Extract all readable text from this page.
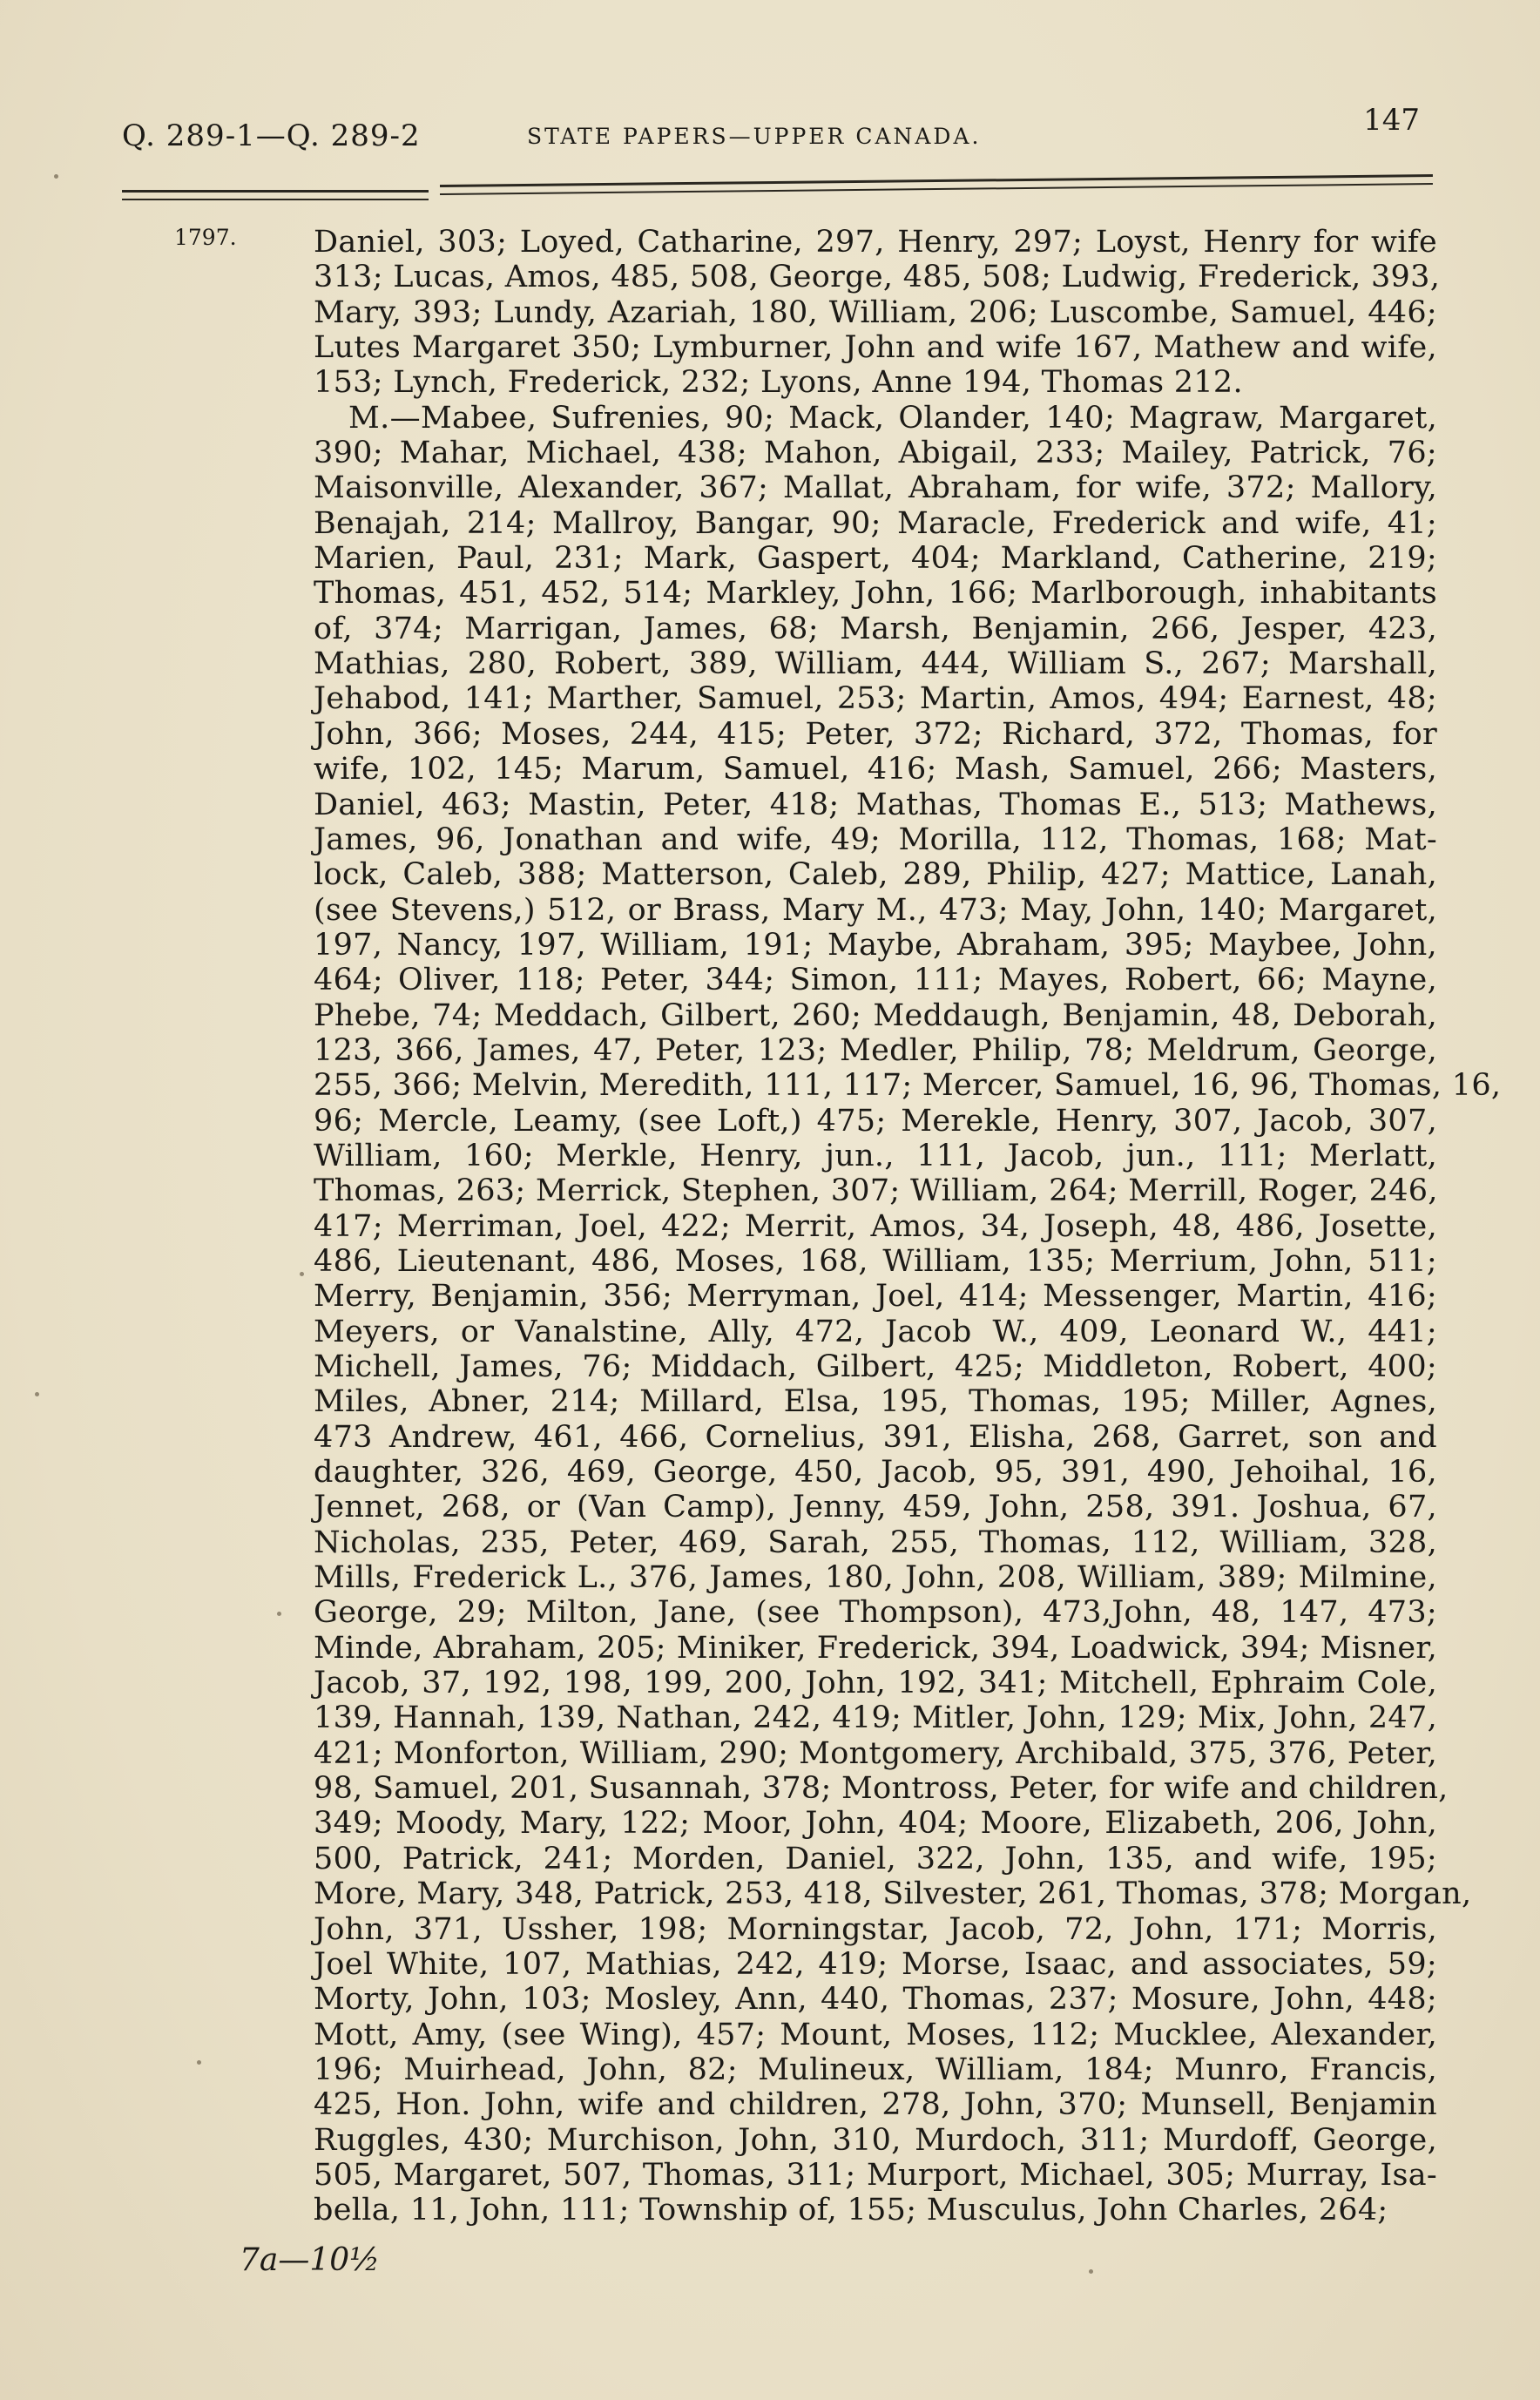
Q. 289-1—Q. 289-2	STATE PAPERS—UPPER CANADA.	147
1797.	Daniel, 303; Loyed, Catharine, 297, Henry, 297; Loyst, Henry for wife
313; Lucas, Amos, 485, 508, George, 485, 508; Ludwig, Frederick, 393,
Mary, 393; Lundy, Azariah, 180, William, 206; Luscombe, Samuel, 446;
Lutes Margaret 350; Lymburner, John and wife 167, Mathew and wife,
153; Lynch, Frederick, 232; Lyons, Anne 194, Thomas 212.
M.—Mabee, Sufrenies, 90; Mack, Olander, 140; Magraw, Margaret,
390; Mahar, Michael, 438; Mahon, Abigail, 233; Mailey, Patrick, 76;
Maisonville, Alexander, 367; Mallat, Abraham, for wife, 372; Mallory,
Benajah, 214; Mallroy, Bangar, 90; Maracle, Frederick and wife, 41;
Marien, Paul, 231; Mark, Gaspert, 404; Markland, Catherine, 219;
Thomas, 451, 452, 514; Markley, John, 166; Marlborough, inhabitants
of, 374; Marrigan, James, 68; Marsh, Benjamin, 266, Jesper, 423,
Mathias, 280, Robert, 389, William, 444, William S., 267; Marshall,
Jehabod, 141; Marther, Samuel, 253; Martin, Amos, 494; Earnest, 48;
John, 366; Moses, 244, 415; Peter, 372; Richard, 372, Thomas, for
wife, 102, 145; Marum, Samuel, 416; Mash, Samuel, 266; Masters,
Daniel, 463; Mastin, Peter, 418; Mathas, Thomas E., 513; Mathews,
James, 96, Jonathan and wife, 49; Morilla, 112, Thomas, 168; Mat-
lock, Caleb, 388; Matterson, Caleb, 289, Philip, 427; Mattice, Lanah,
(see Stevens,) 512, or Brass, Mary M., 473; May, John, 140; Margaret,
197, Nancy, 197, William, 191; Maybe, Abraham, 395; Maybee, John,
464; Oliver, 118; Peter, 344; Simon, 111; Mayes, Robert, 66; Mayne,
Phebe, 74; Meddach, Gilbert, 260; Meddaugh, Benjamin, 48, Deborah,
123, 366, James, 47, Peter, 123; Medler, Philip, 78; Meldrum, George,
255, 366; Melvin, Meredith, 111, 117; Mercer, Samuel, 16, 96, Thomas, 16,
96; Mercle, Leamy, (see Loft,) 475; Merekle, Henry, 307, Jacob, 307,
William, 160; Merkle, Henry, jun., 111, Jacob, jun., 111; Merlatt,
Thomas, 263; Merrick, Stephen, 307; William, 264; Merrill, Roger, 246,
417; Merriman, Joel, 422; Merrit, Amos, 34, Joseph, 48, 486, Josette,
486, Lieutenant, 486, Moses, 168, William, 135; Merrium, John, 511;
Merry, Benjamin, 356; Merryman, Joel, 414; Messenger, Martin, 416;
Meyers, or Vanalstine, Ally, 472, Jacob W., 409, Leonard W., 441;
Michell, James, 76; Middach, Gilbert, 425; Middleton, Robert, 400;
Miles, Abner, 214; Millard, Elsa, 195, Thomas, 195; Miller, Agnes,
473 Andrew, 461, 466, Cornelius, 391, Elisha, 268, Garret, son and
daughter, 326, 469, George, 450, Jacob, 95, 391, 490, Jehoihal, 16,
Jennet, 268, or (Van Camp), Jenny, 459, John, 258, 391. Joshua, 67,
Nicholas, 235, Peter, 469, Sarah, 255, Thomas, 112, William, 328,
Mills, Frederick L., 376, James, 180, John, 208, William, 389; Milmine,
George, 29; Milton, Jane, (see Thompson), 473,John, 48, 147, 473;
Minde, Abraham, 205; Miniker, Frederick, 394, Loadwick, 394; Misner,
Jacob, 37, 192, 198, 199, 200, John, 192, 341; Mitchell, Ephraim Cole,
139, Hannah, 139, Nathan, 242, 419; Mitler, John, 129; Mix, John, 247,
421; Monforton, William, 290; Montgomery, Archibald, 375, 376, Peter,
98, Samuel, 201, Susannah, 378; Montross, Peter, for wife and children,
349; Moody, Mary, 122; Moor, John, 404; Moore, Elizabeth, 206, John,
500, Patrick, 241; Morden, Daniel, 322, John, 135, and wife, 195;
More, Mary, 348, Patrick, 253, 418, Silvester, 261, Thomas, 378; Morgan,
John, 371, Ussher, 198; Morningstar, Jacob, 72, John, 171; Morris,
Joel White, 107, Mathias, 242, 419; Morse, Isaac, and associates, 59;
Morty, John, 103; Mosley, Ann, 440, Thomas, 237; Mosure, John, 448;
Mott, Amy, (see Wing), 457; Mount, Moses, 112; Mucklee, Alexander,
196; Muirhead, John, 82; Mulineux, William, 184; Munro, Francis,
425, Hon. John, wife and children, 278, John, 370; Munsell, Benjamin
Ruggles, 430; Murchison, John, 310, Murdoch, 311; Murdoff, George,
505, Margaret, 507, Thomas, 311; Murport, Michael, 305; Murray, Isa-
bella, 11, John, 111; Township of, 155; Musculus, John Charles, 264;
7a—10½
